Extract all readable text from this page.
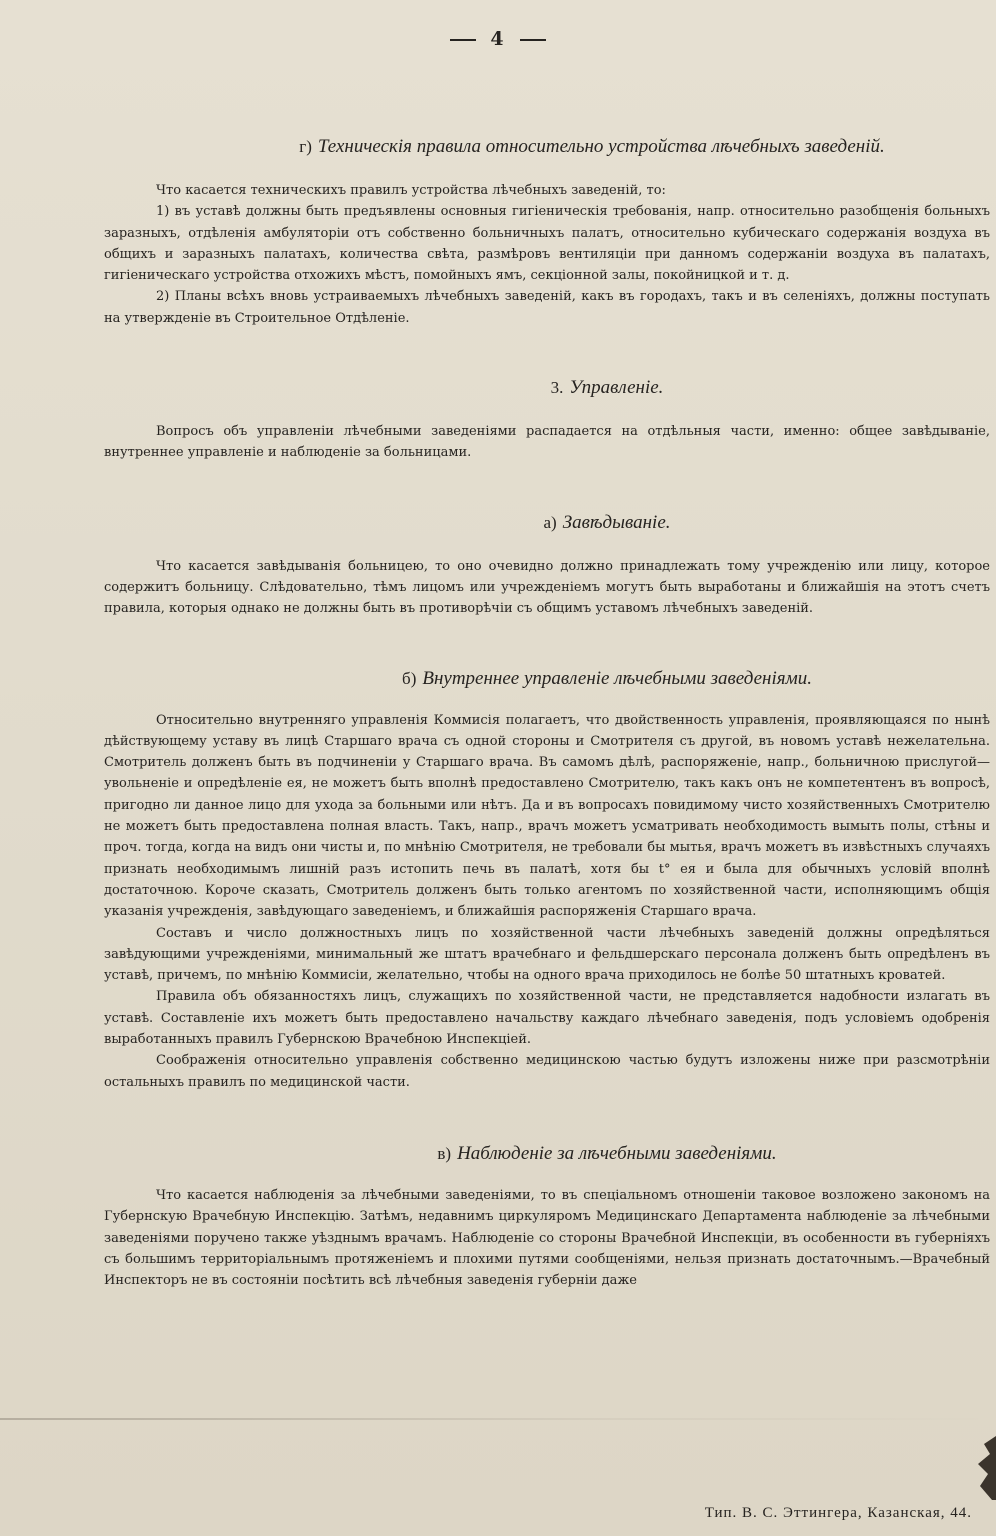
4
г) Техническія правила относительно устройства лѣчебныхъ заведеній.

Что касается техническихъ правилъ устройства лѣчебныхъ заведеній, то:

1) въ уставѣ должны быть предъявлены основныя гигіеническія требованія, напр. относительно разобщенія больныхъ заразныхъ, отдѣленія амбуляторіи отъ собственно больничныхъ палатъ, относительно кубическаго содержанія воздуха въ общихъ и заразныхъ палатахъ, количества свѣта, размѣровъ вентиляціи при данномъ содержаніи воздуха въ палатахъ, гигіеническаго устройства отхожихъ мѣстъ, помойныхъ ямъ, секціонной залы, покойницкой и т. д.

2) Планы всѣхъ вновь устраиваемыхъ лѣчебныхъ заведеній, какъ въ городахъ, такъ и въ селеніяхъ, должны поступать на утвержденіе въ Строительное Отдѣленіе.

3. Управленіе.

Вопросъ объ управленіи лѣчебными заведеніями распадается на отдѣльныя части, именно: общее завѣдываніе, внутреннее управленіе и наблюденіе за больницами.

а) Завѣдываніе.

Что касается завѣдыванія больницею, то оно очевидно должно принадлежать тому учрежденію или лицу, которое содержитъ больницу. Слѣдовательно, тѣмъ лицомъ или учрежденіемъ могутъ быть выработаны и ближайшія на этотъ счетъ правила, которыя однако не должны быть въ противорѣчіи съ общимъ уставомъ лѣчебныхъ заведеній.

б) Внутреннее управленіе лѣчебными заведеніями.

Относительно внутренняго управленія Коммисія полагаетъ, что двойственность управленія, проявляющаяся по нынѣ дѣйствующему уставу въ лицѣ Старшаго врача съ одной стороны и Смотрителя съ другой, въ новомъ уставѣ нежелательна. Смотритель долженъ быть въ подчиненіи у Старшаго врача. Въ самомъ дѣлѣ, распоряженіе, напр., больничною прислугой—увольненіе и опредѣленіе ея, не можетъ быть вполнѣ предоставлено Смотрителю, такъ какъ онъ не компетентенъ въ вопросѣ, пригодно ли данное лицо для ухода за больными или нѣтъ. Да и въ вопросахъ повидимому чисто хозяйственныхъ Смотрителю не можетъ быть предоставлена полная власть. Такъ, напр., врачъ можетъ усматривать необходимость вымыть полы, стѣны и проч. тогда, когда на видъ они чисты и, по мнѣнію Смотрителя, не требовали бы мытья, врачъ можетъ въ извѣстныхъ случаяхъ признать необходимымъ лишній разъ истопить печь въ палатѣ, хотя бы t° ея и была для обычныхъ условій вполнѣ достаточною. Короче сказать, Смотритель долженъ быть только агентомъ по хозяйственной части, исполняющимъ общія указанія учрежденія, завѣдующаго заведеніемъ, и ближайшія распоряженія Старшаго врача.

Составъ и число должностныхъ лицъ по хозяйственной части лѣчебныхъ заведеній должны опредѣляться завѣдующими учрежденіями, минимальный же штатъ врачебнаго и фельдшерскаго персонала долженъ быть опредѣленъ въ уставѣ, причемъ, по мнѣнію Коммисіи, желательно, чтобы на одного врача приходилось не болѣе 50 штатныхъ кроватей.

Правила объ обязанностяхъ лицъ, служащихъ по хозяйственной части, не представляется надобности излагать въ уставѣ. Составленіе ихъ можетъ быть предоставлено начальству каждаго лѣчебнаго заведенія, подъ условіемъ одобренія выработанныхъ правилъ Губернскою Врачебною Инспекціей.

Соображенія относительно управленія собственно медицинскою частью будутъ изложены ниже при разсмотрѣніи остальныхъ правилъ по медицинской части.

в) Наблюденіе за лѣчебными заведеніями.

Что касается наблюденія за лѣчебными заведеніями, то въ спеціальномъ отношеніи таковое возложено закономъ на Губернскую Врачебную Инспекцію. Затѣмъ, недавнимъ циркуляромъ Медицинскаго Департамента наблюденіе за лѣчебными заведеніями поручено также уѣзднымъ врачамъ. Наблюденіе со стороны Врачебной Инспекціи, въ особенности въ губерніяхъ съ большимъ территоріальнымъ протяженіемъ и плохими путями сообщеніями, нельзя признать достаточнымъ.—Врачебный Инспекторъ не въ состояніи посѣтить всѣ лѣчебныя заведенія губерніи даже

Тип. В. С. Эттингера, Казанская, 44.
